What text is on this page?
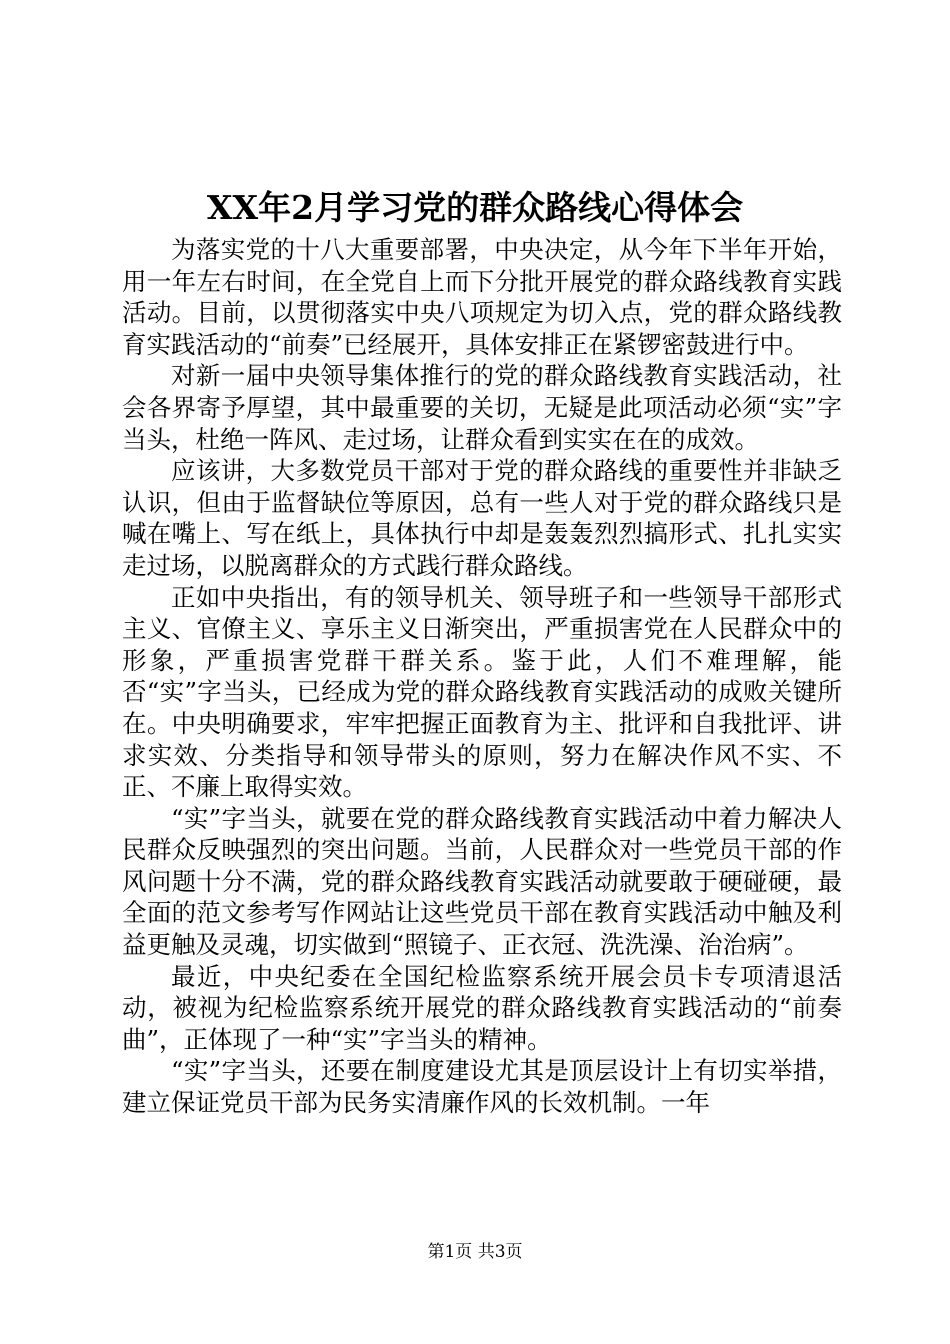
XX年2月学习党的群众路线心得体会

为落实党的十八大重要部署，中央决定，从今年下半年开始，用一年左右时间，在全党自上而下分批开展党的群众路线教育实践活动。目前，以贯彻落实中央八项规定为切入点，党的群众路线教育实践活动的“前奏”已经展开，具体安排正在紧锣密鼓进行中。

对新一届中央领导集体推行的党的群众路线教育实践活动，社会各界寄予厚望，其中最重要的关切，无疑是此项活动必须“实”字当头，杜绝一阵风、走过场，让群众看到实实在在的成效。

应该讲，大多数党员干部对于党的群众路线的重要性并非缺乏认识，但由于监督缺位等原因，总有一些人对于党的群众路线只是喊在嘴上、写在纸上，具体执行中却是轰轰烈烈搞形式、扎扎实实走过场，以脱离群众的方式践行群众路线。

正如中央指出，有的领导机关、领导班子和一些领导干部形式主义、官僚主义、享乐主义日渐突出，严重损害党在人民群众中的形象，严重损害党群干群关系。鉴于此，人们不难理解，能否“实”字当头，已经成为党的群众路线教育实践活动的成败关键所在。中央明确要求，牢牢把握正面教育为主、批评和自我批评、讲求实效、分类指导和领导带头的原则，努力在解决作风不实、不正、不廉上取得实效。

“实”字当头，就要在党的群众路线教育实践活动中着力解决人民群众反映强烈的突出问题。当前，人民群众对一些党员干部的作风问题十分不满，党的群众路线教育实践活动就要敢于硬碰硬，最全面的范文参考写作网站让这些党员干部在教育实践活动中触及利益更触及灵魂，切实做到“照镜子、正衣冠、洗洗澡、治治病”。

最近，中央纪委在全国纪检监察系统开展会员卡专项清退活动，被视为纪检监察系统开展党的群众路线教育实践活动的“前奏曲”，正体现了一种“实”字当头的精神。

“实”字当头，还要在制度建设尤其是顶层设计上有切实举措，建立保证党员干部为民务实清廉作风的长效机制。一年

第1页 共3页
